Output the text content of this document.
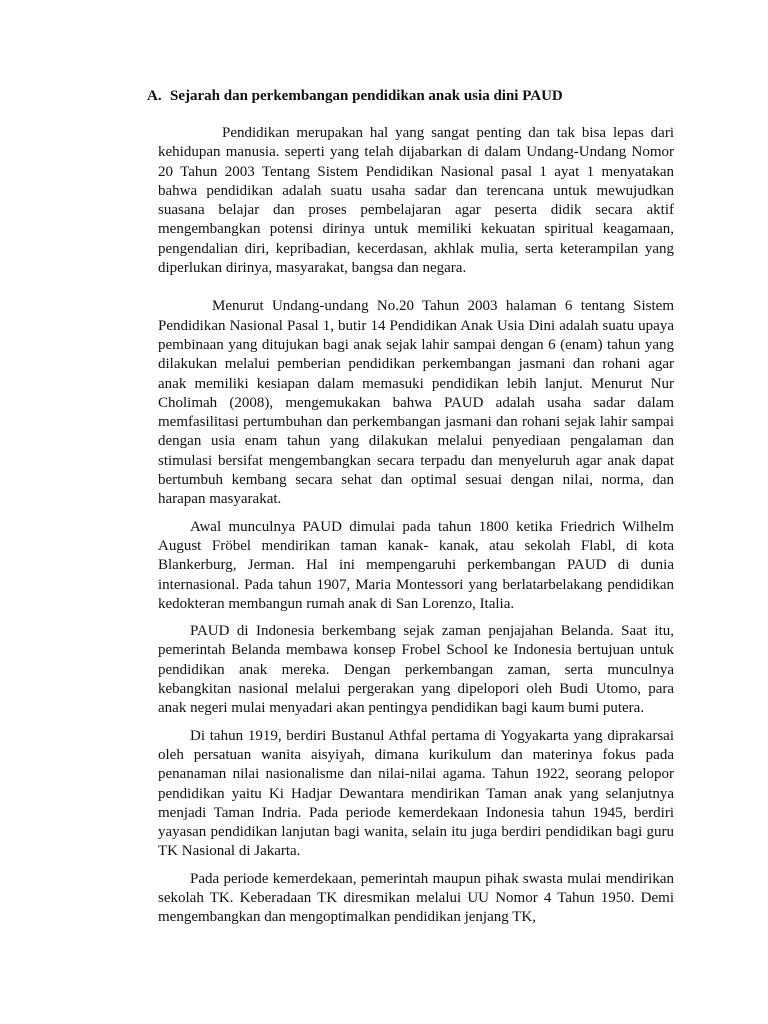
A. Sejarah dan perkembangan pendidikan anak usia dini PAUD

Pendidikan merupakan hal yang sangat penting dan tak bisa lepas dari kehidupan manusia. seperti yang telah dijabarkan di dalam Undang-Undang Nomor 20 Tahun 2003 Tentang Sistem Pendidikan Nasional pasal 1 ayat 1 menyatakan bahwa pendidikan adalah suatu usaha sadar dan terencana untuk mewujudkan suasana belajar dan proses pembelajaran agar peserta didik secara aktif mengembangkan potensi dirinya untuk memiliki kekuatan spiritual keagamaan, pengendalian diri, kepribadian, kecerdasan, akhlak mulia, serta keterampilan yang diperlukan dirinya, masyarakat, bangsa dan negara.

Menurut Undang-undang No.20 Tahun 2003 halaman 6 tentang Sistem Pendidikan Nasional Pasal 1, butir 14 Pendidikan Anak Usia Dini adalah suatu upaya pembinaan yang ditujukan bagi anak sejak lahir sampai dengan 6 (enam) tahun yang dilakukan melalui pemberian pendidikan perkembangan jasmani dan rohani agar anak memiliki kesiapan dalam memasuki pendidikan lebih lanjut. Menurut Nur Cholimah (2008), mengemukakan bahwa PAUD adalah usaha sadar dalam memfasilitasi pertumbuhan dan perkembangan jasmani dan rohani sejak lahir sampai dengan usia enam tahun yang dilakukan melalui penyediaan pengalaman dan stimulasi bersifat mengembangkan secara terpadu dan menyeluruh agar anak dapat bertumbuh kembang secara sehat dan optimal sesuai dengan nilai, norma, dan harapan masyarakat.

Awal munculnya PAUD dimulai pada tahun 1800 ketika Friedrich Wilhelm August Fröbel mendirikan taman kanak- kanak, atau sekolah Flabl, di kota Blankerburg, Jerman. Hal ini mempengaruhi perkembangan PAUD di dunia internasional. Pada tahun 1907, Maria Montessori yang berlatarbelakang pendidikan kedokteran membangun rumah anak di San Lorenzo, Italia.

PAUD di Indonesia berkembang sejak zaman penjajahan Belanda. Saat itu, pemerintah Belanda membawa konsep Frobel School ke Indonesia bertujuan untuk pendidikan anak mereka. Dengan perkembangan zaman, serta munculnya kebangkitan nasional melalui pergerakan yang dipelopori oleh Budi Utomo, para anak negeri mulai menyadari akan pentingya pendidikan bagi kaum bumi putera.

Di tahun 1919, berdiri Bustanul Athfal pertama di Yogyakarta yang diprakarsai oleh persatuan wanita aisyiyah, dimana kurikulum dan materinya fokus pada penanaman nilai nasionalisme dan nilai-nilai agama. Tahun 1922, seorang pelopor pendidikan yaitu Ki Hadjar Dewantara mendirikan Taman anak yang selanjutnya menjadi Taman Indria. Pada periode kemerdekaan Indonesia tahun 1945, berdiri yayasan pendidikan lanjutan bagi wanita, selain itu juga berdiri pendidikan bagi guru TK Nasional di Jakarta.

Pada periode kemerdekaan, pemerintah maupun pihak swasta mulai mendirikan sekolah TK. Keberadaan TK diresmikan melalui UU Nomor 4 Tahun 1950. Demi mengembangkan dan mengoptimalkan pendidikan jenjang TK,
